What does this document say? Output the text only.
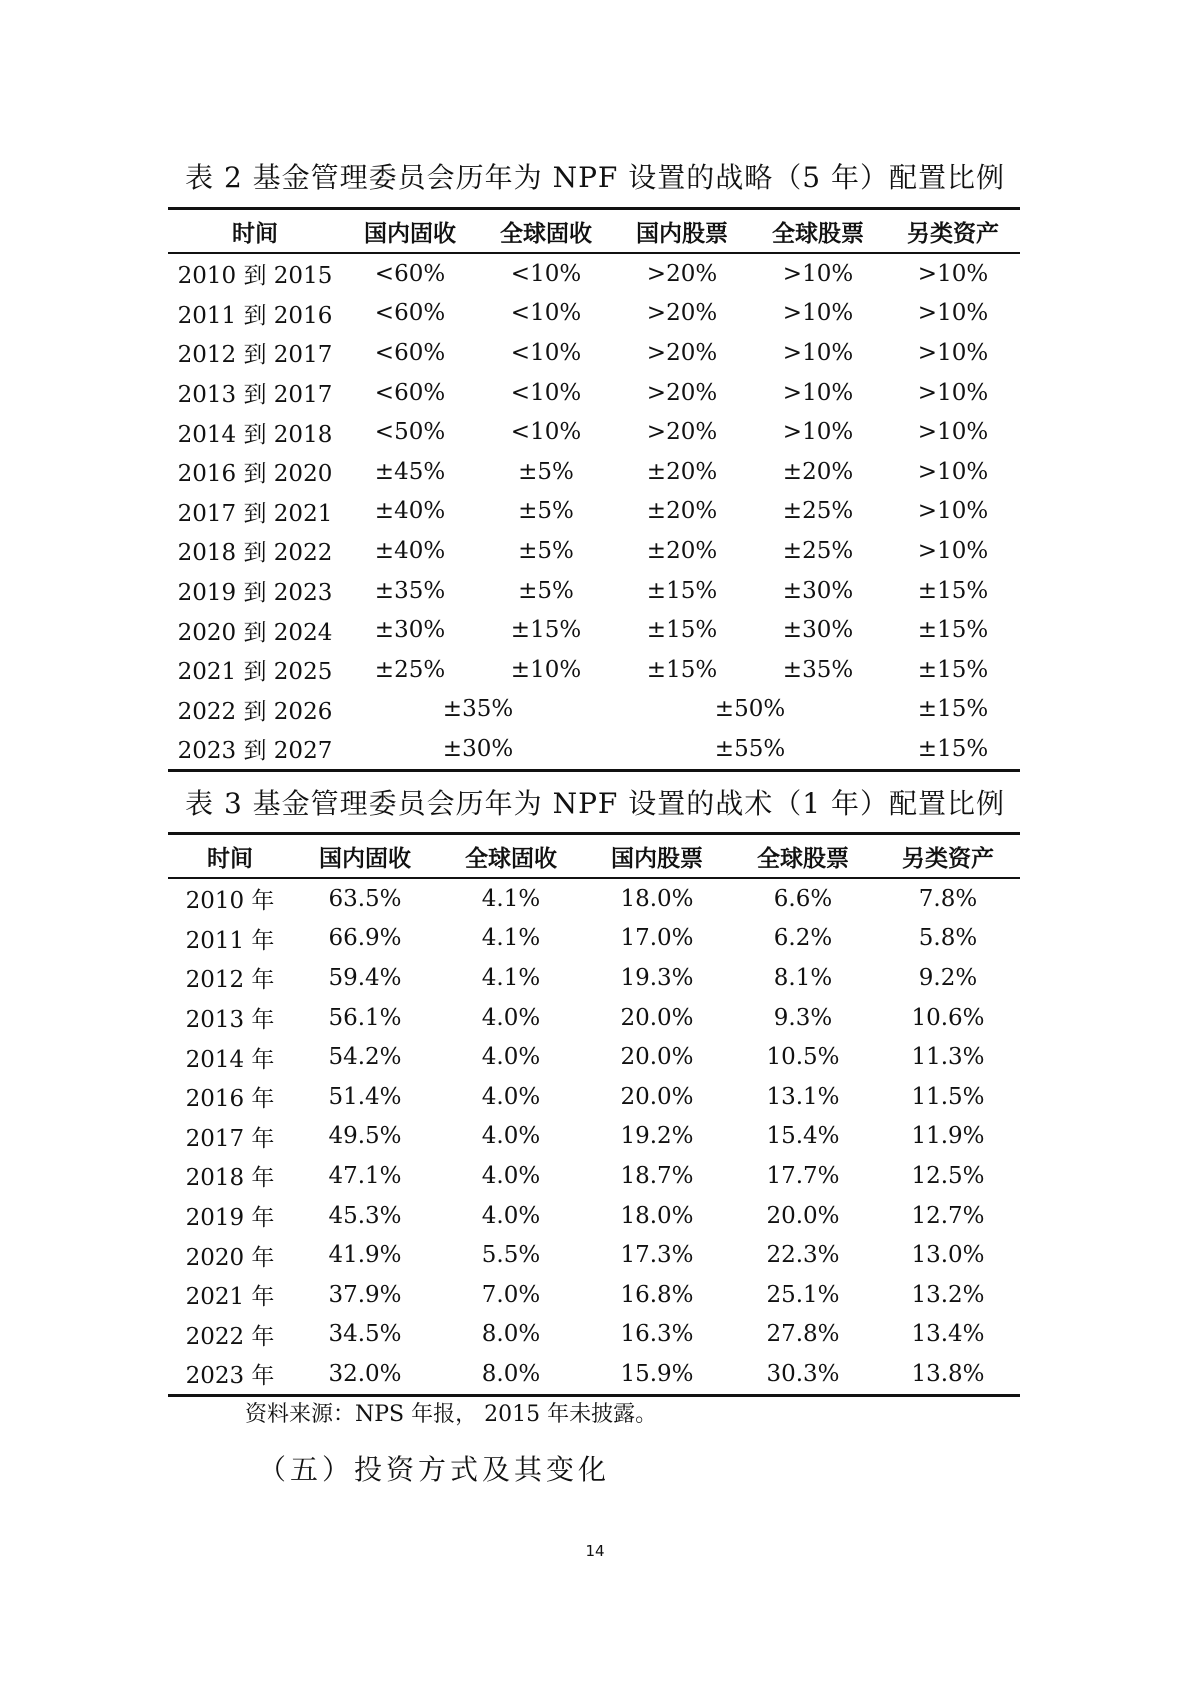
表 2 基金管理委员会历年为 NPF 设置的战略（5 年）配置比例
时间	国内固收	全球固收	国内股票	全球股票	另类资产
2010 到 2015	<60%	<10%	>20%	>10%	>10%
2011 到 2016	<60%	<10%	>20%	>10%	>10%
2012 到 2017	<60%	<10%	>20%	>10%	>10%
2013 到 2017	<60%	<10%	>20%	>10%	>10%
2014 到 2018	<50%	<10%	>20%	>10%	>10%
2016 到 2020	±45%	±5%	±20%	±20%	>10%
2017 到 2021	±40%	±5%	±20%	±25%	>10%
2018 到 2022	±40%	±5%	±20%	±25%	>10%
2019 到 2023	±35%	±5%	±15%	±30%	±15%
2020 到 2024	±30%	±15%	±15%	±30%	±15%
2021 到 2025	±25%	±10%	±15%	±35%	±15%
2022 到 2026	±35%		±50%		±15%
2023 到 2027	±30%		±55%		±15%
表 3 基金管理委员会历年为 NPF 设置的战术（1 年）配置比例
时间	国内固收	全球固收	国内股票	全球股票	另类资产
2010 年	63.5%	4.1%	18.0%	6.6%	7.8%
2011 年	66.9%	4.1%	17.0%	6.2%	5.8%
2012 年	59.4%	4.1%	19.3%	8.1%	9.2%
2013 年	56.1%	4.0%	20.0%	9.3%	10.6%
2014 年	54.2%	4.0%	20.0%	10.5%	11.3%
2016 年	51.4%	4.0%	20.0%	13.1%	11.5%
2017 年	49.5%	4.0%	19.2%	15.4%	11.9%
2018 年	47.1%	4.0%	18.7%	17.7%	12.5%
2019 年	45.3%	4.0%	18.0%	20.0%	12.7%
2020 年	41.9%	5.5%	17.3%	22.3%	13.0%
2021 年	37.9%	7.0%	16.8%	25.1%	13.2%
2022 年	34.5%	8.0%	16.3%	27.8%	13.4%
2023 年	32.0%	8.0%	15.9%	30.3%	13.8%
资料来源：NPS 年报， 2015 年未披露。
（五）投资方式及其变化
14
